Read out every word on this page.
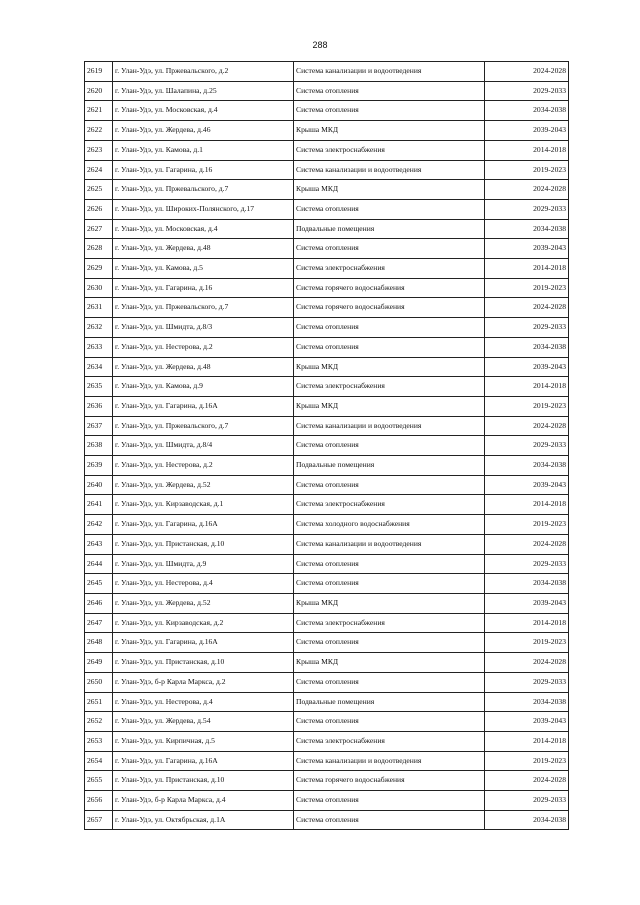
288
2619	г. Улан-Удэ, ул. Пржевальского, д.2	Система канализации и водоотведения	2024-2028
2620	г. Улан-Удэ, ул. Шалапина, д.25	Система отопления	2029-2033
2621	г. Улан-Удэ, ул. Московская, д.4	Система отопления	2034-2038
2622	г. Улан-Удэ, ул. Жердева, д.46	Крыша МКД	2039-2043
2623	г. Улан-Удэ, ул. Камова, д.1	Система электроснабжения	2014-2018
2624	г. Улан-Удэ, ул. Гагарина, д.16	Система канализации и водоотведения	2019-2023
2625	г. Улан-Удэ, ул. Пржевальского, д.7	Крыша МКД	2024-2028
2626	г. Улан-Удэ, ул. Широких-Полянского, д.17	Система отопления	2029-2033
2627	г. Улан-Удэ, ул. Московская, д.4	Подвальные помещения	2034-2038
2628	г. Улан-Удэ, ул. Жердева, д.48	Система отопления	2039-2043
2629	г. Улан-Удэ, ул. Камова, д.5	Система электроснабжения	2014-2018
2630	г. Улан-Удэ, ул. Гагарина, д.16	Система горячего водоснабжения	2019-2023
2631	г. Улан-Удэ, ул. Пржевальского, д.7	Система горячего водоснабжения	2024-2028
2632	г. Улан-Удэ, ул. Шмидта, д.8/3	Система отопления	2029-2033
2633	г. Улан-Удэ, ул. Нестерова, д.2	Система отопления	2034-2038
2634	г. Улан-Удэ, ул. Жердева, д.48	Крыша МКД	2039-2043
2635	г. Улан-Удэ, ул. Камова, д.9	Система электроснабжения	2014-2018
2636	г. Улан-Удэ, ул. Гагарина, д.16А	Крыша МКД	2019-2023
2637	г. Улан-Удэ, ул. Пржевальского, д.7	Система канализации и водоотведения	2024-2028
2638	г. Улан-Удэ, ул. Шмидта, д.8/4	Система отопления	2029-2033
2639	г. Улан-Удэ, ул. Нестерова, д.2	Подвальные помещения	2034-2038
2640	г. Улан-Удэ, ул. Жердева, д.52	Система отопления	2039-2043
2641	г. Улан-Удэ, ул. Кирзаводская, д.1	Система электроснабжения	2014-2018
2642	г. Улан-Удэ, ул. Гагарина, д.16А	Система холодного водоснабжения	2019-2023
2643	г. Улан-Удэ, ул. Пристанская, д.10	Система канализации и водоотведения	2024-2028
2644	г. Улан-Удэ, ул. Шмидта, д.9	Система отопления	2029-2033
2645	г. Улан-Удэ, ул. Нестерова, д.4	Система отопления	2034-2038
2646	г. Улан-Удэ, ул. Жердева, д.52	Крыша МКД	2039-2043
2647	г. Улан-Удэ, ул. Кирзаводская, д.2	Система электроснабжения	2014-2018
2648	г. Улан-Удэ, ул. Гагарина, д.16А	Система отопления	2019-2023
2649	г. Улан-Удэ, ул. Пристанская, д.10	Крыша МКД	2024-2028
2650	г. Улан-Удэ, б-р Карла Маркса, д.2	Система отопления	2029-2033
2651	г. Улан-Удэ, ул. Нестерова, д.4	Подвальные помещения	2034-2038
2652	г. Улан-Удэ, ул. Жердева, д.54	Система отопления	2039-2043
2653	г. Улан-Удэ, ул. Кирпичная, д.5	Система электроснабжения	2014-2018
2654	г. Улан-Удэ, ул. Гагарина, д.16А	Система канализации и водоотведения	2019-2023
2655	г. Улан-Удэ, ул. Пристанская, д.10	Система горячего водоснабжения	2024-2028
2656	г. Улан-Удэ, б-р Карла Маркса, д.4	Система отопления	2029-2033
2657	г. Улан-Удэ, ул. Октябрьская, д.1А	Система отопления	2034-2038
